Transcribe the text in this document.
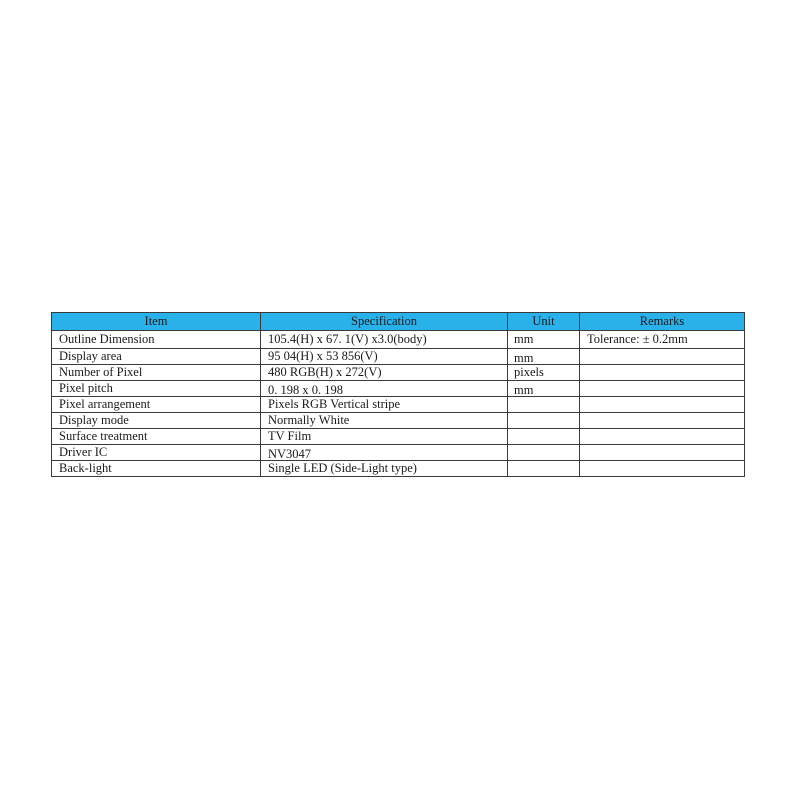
Item	Specification	Unit	Remarks
Outline Dimension	105.4(H) x 67. 1(V) x3.0(body)	mm	Tolerance: ± 0.2mm
Display area	95 04(H) x 53 856(V)	mm	
Number of Pixel	480 RGB(H) x 272(V)	pixels	
Pixel pitch	0. 198 x 0. 198	mm	
Pixel arrangement	Pixels RGB Vertical stripe		
Display mode	Normally White		
Surface treatment	TV Film		
Driver IC	NV3047		
Back-light	Single LED (Side-Light type)		
